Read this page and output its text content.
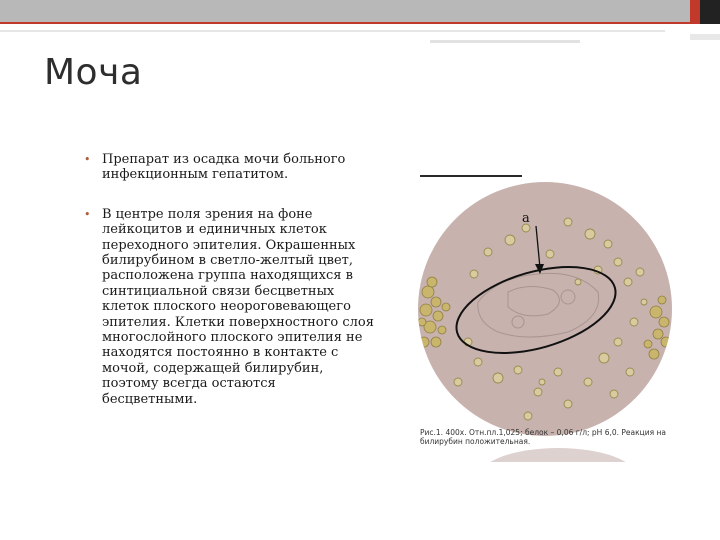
Моча
• Препарат из осадка мочи больного инфекционным гепатитом.
• В центре поля зрения на фоне лейкоцитов и единичных клеток переходного эпителия. Окрашенных билирубином в светло-желтый цвет, расположена группа находящихся в синтициальной связи бесцветных клеток плоского неороговевающего эпителия. Клетки поверхностного слоя многослойного плоского эпителия не находятся постоянно в контакте с мочой, содержащей билирубин, поэтому всегда остаются бесцветными.
a
Рис.1. 400х. Отн.пл.1,025; белок – 0,06 г/л; pH 6,0. Реакция на билирубин положительная.
